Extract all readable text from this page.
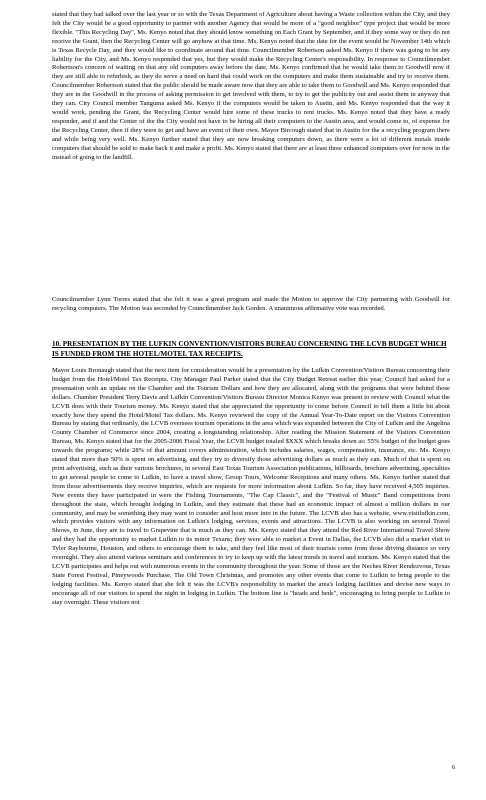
stated that they had talked over the last year or so with the Texas Department of Agriculture about having a Waste collection within the City, and they felt the City would be a good opportunity to partner with another Agency that would be more of a "good neighbor" type project that would be more flexible. "This Recycling Day", Ms. Kenyo noted that they should know something on Each Grant by September, and if they some way or they do not receive the Grant, then the Recycling Center will go anyhow at that time. Ms. Kenyo noted that the date for the event would be November 14th which is Texas Recycle Day, and they would like to coordinate around that time. Councilmember Robertson asked Ms. Kenyo if there was going to be any liability for the City, and Ms. Kenyo responded that yes, but they would make the Recycling Center's responsibility. In response to Councilmember Robertson's concern of waiting on that any old computers away before the date, Ms. Kenyo confirmed that he would take them to Goodwill now if they are still able to refurbish, as they do serve a need on hard that could work on the computers and make them sustainable and try to receive them. Councilmember Robertson stated that the public should be made aware now that they are able to take them to Goodwill and Ms. Kenyo responded that they are in the Goodwill in the process of asking permission to get involved with them, to try to get the publicity out and assist them in anyway that they can. City Council member Tanguma asked Ms. Kenyo if the computers would be taken to Austin, and Ms. Kenyo responded that the way it would work, pending the Grant, the Recycling Center would hire some of these trucks to rent trucks. Ms. Kenyo noted that they have a ready responder, and if and the Center of the the City would not have to be hiring all their computers to the Austin area, and would come to, of expense for the Recycling Center, then if they were to get and have an event of their own. Mayor Bircough stated that in Austin for the a recycling program there and while being very well. Ms. Kenyo further stated that they are now breaking computers down, as there were a lot of different metals inside computers that should be sold to make back it and make a profit. Ms. Kenyo stated that there are at least three enhanced computers over for now in the instead of going to the landfill.

Councilmember Lynn Torres stated that she felt it was a great program and made the Motion to approve the City partnering with Goodwill for recycling computers. The Motion was seconded by Councilmember Jack Gorden. A unanimous affirmative vote was recorded.

10. PRESENTATION BY THE LUFKIN CONVENTION/VISITORS BUREAU CONCERNING THE LCVB BUDGET WHICH IS FUNDED FROM THE HOTEL/MOTEL TAX RECEIPTS.

Mayor Louis Bronaugh stated that the next item for consideration would be a presentation by the Lufkin Convention/Visitors Bureau concerning their budget from the Hotel/Motel Tax Receipts. City Manager Paul Parker stated that the City Budget Retreat earlier this year, Council had asked for a presentation with an update on the Chamber and the Tourism Dollars and how they are allocated, along with the programs that were behind those dollars. Chamber President Terry Davis and Lufkin Convention/Visitors Bureau Director Monica Kenyo was present to review with Council what the LCVB does with their Tourism money. Ms. Kenyo stated that she appreciated the opportunity to come before Council to tell them a little bit about exactly how they spend the Hotel/Motel Tax dollars. Ms. Kenyo reviewed the copy of the Annual Year-To-Date report on the Visitors Convention Bureau by stating that ordinarily, the LCVB oversees tourism operations in the area which was expanded between the City of Lufkin and the Angelina County Chamber of Commerce since 2004, creating a longstanding relationship. After reading the Mission Statement of the Visitors Convention Bureau, Ms. Kenyo stated that for the 2005-2006 Fiscal Year, the LCVB budget totaled $XXX which breaks down as: 55% budget of the budget goes towards the programs; while 28% of that amount covers administration, which includes salaries, wages, compensation, insurance, etc. Ms. Kenyo stated that more than 50% is spent on advertising, and they try to diversify those advertising dollars as much as they can. Much of that is spent on print advertising, such as their various brochures, in several East Texas Tourism Association publications, billboards, brochure advertising, specialties to get several people to come to Lufkin, to have a travel show, Group Tours, Welcome Receptions and many others. Ms. Kenyo further stated that from those advertisements they receive inquiries, which are requests for more information about Lufkin. So far, they have received 4,505 inquiries. New events they have participated in were the Fishing Tournaments, "The Cap Classic", and the "Festival of Music" Band competitions from throughout the state, which brought lodging in Lufkin, and they estimate that these had an economic impact of almost a million dollars in our community, and may be something they may want to consider and host more into in the future. The LCVB also has a website, www.visitlufkin.com, which provides visitors with any information on Lufkin's lodging, services, events and attractions. The LCVB is also working on several Travel Shows, in June, they are to travel to Grapevine that is much as they can. Ms. Kenyo stated that they attend the Red River International Travel Show and they had the opportunity to market Lufkin to its minor Texans; they were able to market a Event in Dallas, the LCVB also did a market visit to Tyler Raybourne, Houston, and others to encourage them to take, and they feel like most of their tourists come from those driving distance so very overnight. They also attend various seminars and conferences to try to keep up with the latest trends in travel and tourism. Ms. Kenyo stated that the LCVB participates and helps out with numerous events in the community throughout the year. Some of those are the Neches River Rendezvous, Texas State Forest Festival, Pineywoods Purchase, The Old Town Christmas, and promotes any other events that come to Lufkin to bring people to the lodging facilities. Ms. Kenyo stated that she felt it was the LCVB's responsibility to market the area's lodging facilities and devise new ways to encourage all of our visitors to spend the night in lodging in Lufkin. The bottom line is "heads and beds", encouraging to bring people to Lufkin to stay overnight. These visitors not

6
